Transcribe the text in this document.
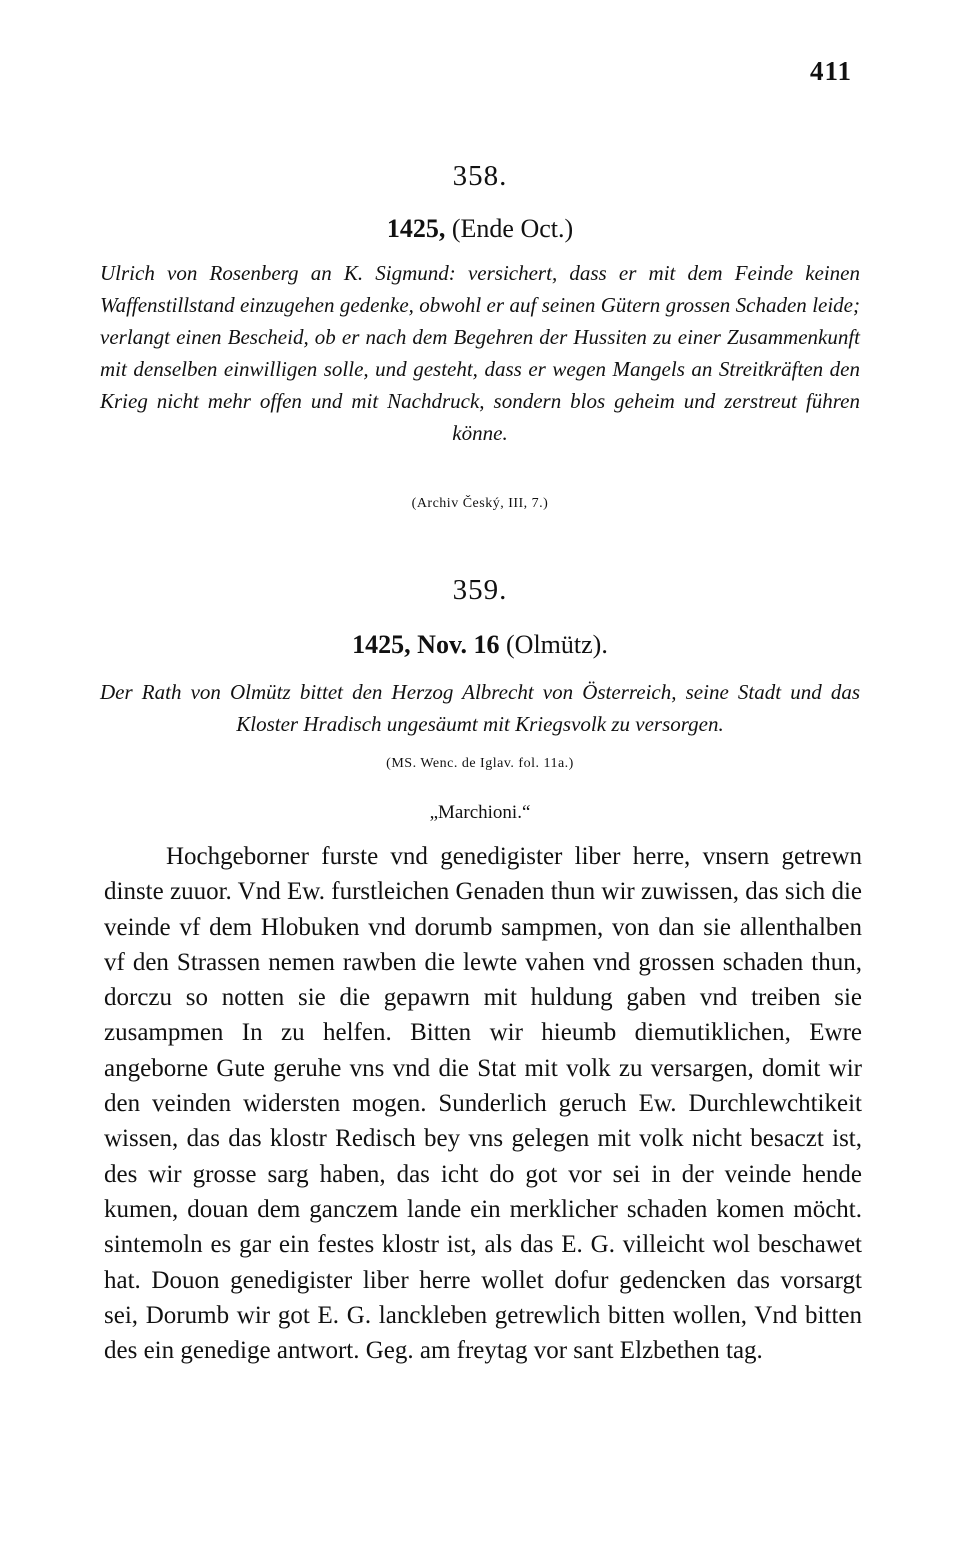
411
358.
1425, (Ende Oct.)
Ulrich von Rosenberg an K. Sigmund: versichert, dass er mit dem Feinde keinen Waffenstillstand einzugehen gedenke, obwohl er auf seinen Gütern grossen Schaden leide; verlangt einen Bescheid, ob er nach dem Begehren der Hussiten zu einer Zusammenkunft mit denselben einwilligen solle, und gesteht, dass er wegen Mangels an Streitkräften den Krieg nicht mehr offen und mit Nachdruck, sondern blos geheim und zerstreut führen könne.
(Archiv Český, III, 7.)
359.
1425, Nov. 16 (Olmütz).
Der Rath von Olmütz bittet den Herzog Albrecht von Österreich, seine Stadt und das Kloster Hradisch ungesäumt mit Kriegsvolk zu versorgen.
(MS. Wenc. de Iglav. fol. 11a.)
„Marchioni.“

Hochgeborner furste vnd genedigister liber herre, vnsern getrewn dinste zuuor. Vnd Ew. furstleichen Genaden thun wir zuwissen, das sich die veinde vf dem Hlobuken vnd dorumb sampmen, von dan sie allenthalben vf den Strassen nemen rawben die lewte vahen vnd grossen schaden thun, dorczu so notten sie die gepawrn mit huldung gaben vnd treiben sie zusampmen In zu helfen. Bitten wir hieumb diemutiklichen, Ewre angeborne Gute geruhe vns vnd die Stat mit volk zu versargen, domit wir den veinden widersten mogen. Sunderlich geruch Ew. Durchlewchtikeit wissen, das das klostr Redisch bey vns gelegen mit volk nicht besaczt ist, des wir grosse sarg haben, das icht do got vor sei in der veinde hende kumen, douan dem ganczem lande ein merklicher schaden komen möcht. sintemoln es gar ein festes klostr ist, als das E. G. villeicht wol beschawet hat. Douon genedigister liber herre wollet dofur gedencken das vorsargt sei, Dorumb wir got E. G. lanckleben getrewlich bitten wollen, Vnd bitten des ein genedige antwort. Geg. am freytag vor sant Elzbethen tag.
